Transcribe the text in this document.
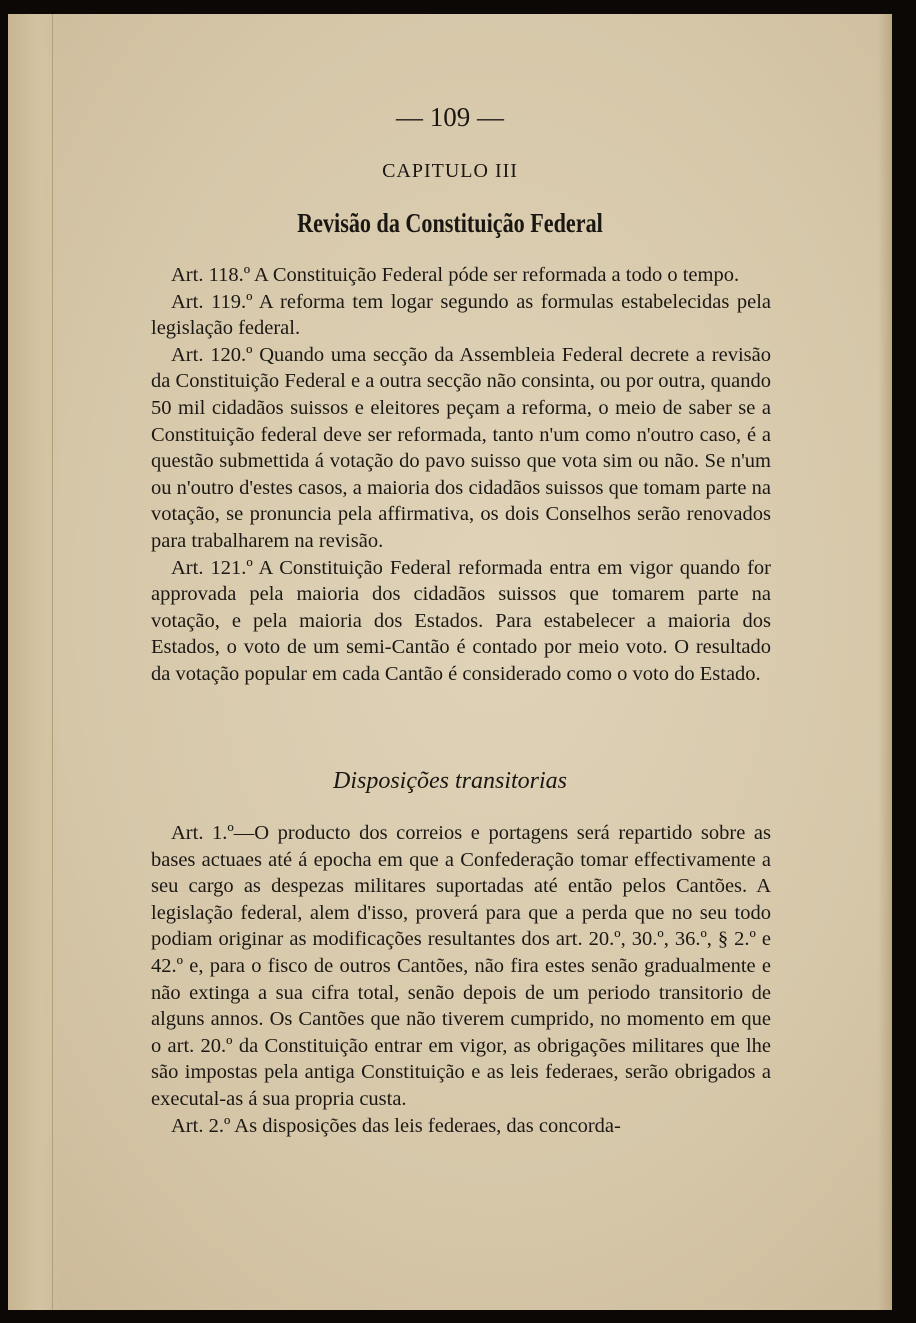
— 109 —
CAPITULO III
Revisão da Constituição Federal

Art. 118.º A Constituição Federal póde ser reformada a todo o tempo.

Art. 119.º A reforma tem logar segundo as formulas estabelecidas pela legislação federal.

Art. 120.º Quando uma secção da Assembleia Federal decrete a revisão da Constituição Federal e a outra secção não consinta, ou por outra, quando 50 mil cidadãos suissos e eleitores peçam a reforma, o meio de saber se a Constituição federal deve ser reformada, tanto n'um como n'outro caso, é a questão submettida á votação do pavo suisso que vota sim ou não. Se n'um ou n'outro d'estes casos, a maioria dos cidadãos suissos que tomam parte na votação, se pronuncia pela affirmativa, os dois Conselhos serão renovados para trabalharem na revisão.

Art. 121.º A Constituição Federal reformada entra em vigor quando for approvada pela maioria dos cidadãos suissos que tomarem parte na votação, e pela maioria dos Estados. Para estabelecer a maioria dos Estados, o voto de um semi-Cantão é contado por meio voto. O resultado da votação popular em cada Cantão é considerado como o voto do Estado.

Disposições transitorias

Art. 1.º—O producto dos correios e portagens será repartido sobre as bases actuaes até á epocha em que a Confederação tomar effectivamente a seu cargo as despezas militares suportadas até então pelos Cantões. A legislação federal, alem d'isso, proverá para que a perda que no seu todo podiam originar as modificações resultantes dos art. 20.º, 30.º, 36.º, § 2.º e 42.º e, para o fisco de outros Cantões, não fira estes senão gradualmente e não extinga a sua cifra total, senão depois de um periodo transitorio de alguns annos. Os Cantões que não tiverem cumprido, no momento em que o art. 20.º da Constituição entrar em vigor, as obrigações militares que lhe são impostas pela antiga Constituição e as leis federaes, serão obrigados a executal-as á sua propria custa.

Art. 2.º As disposições das leis federaes, das concorda-
